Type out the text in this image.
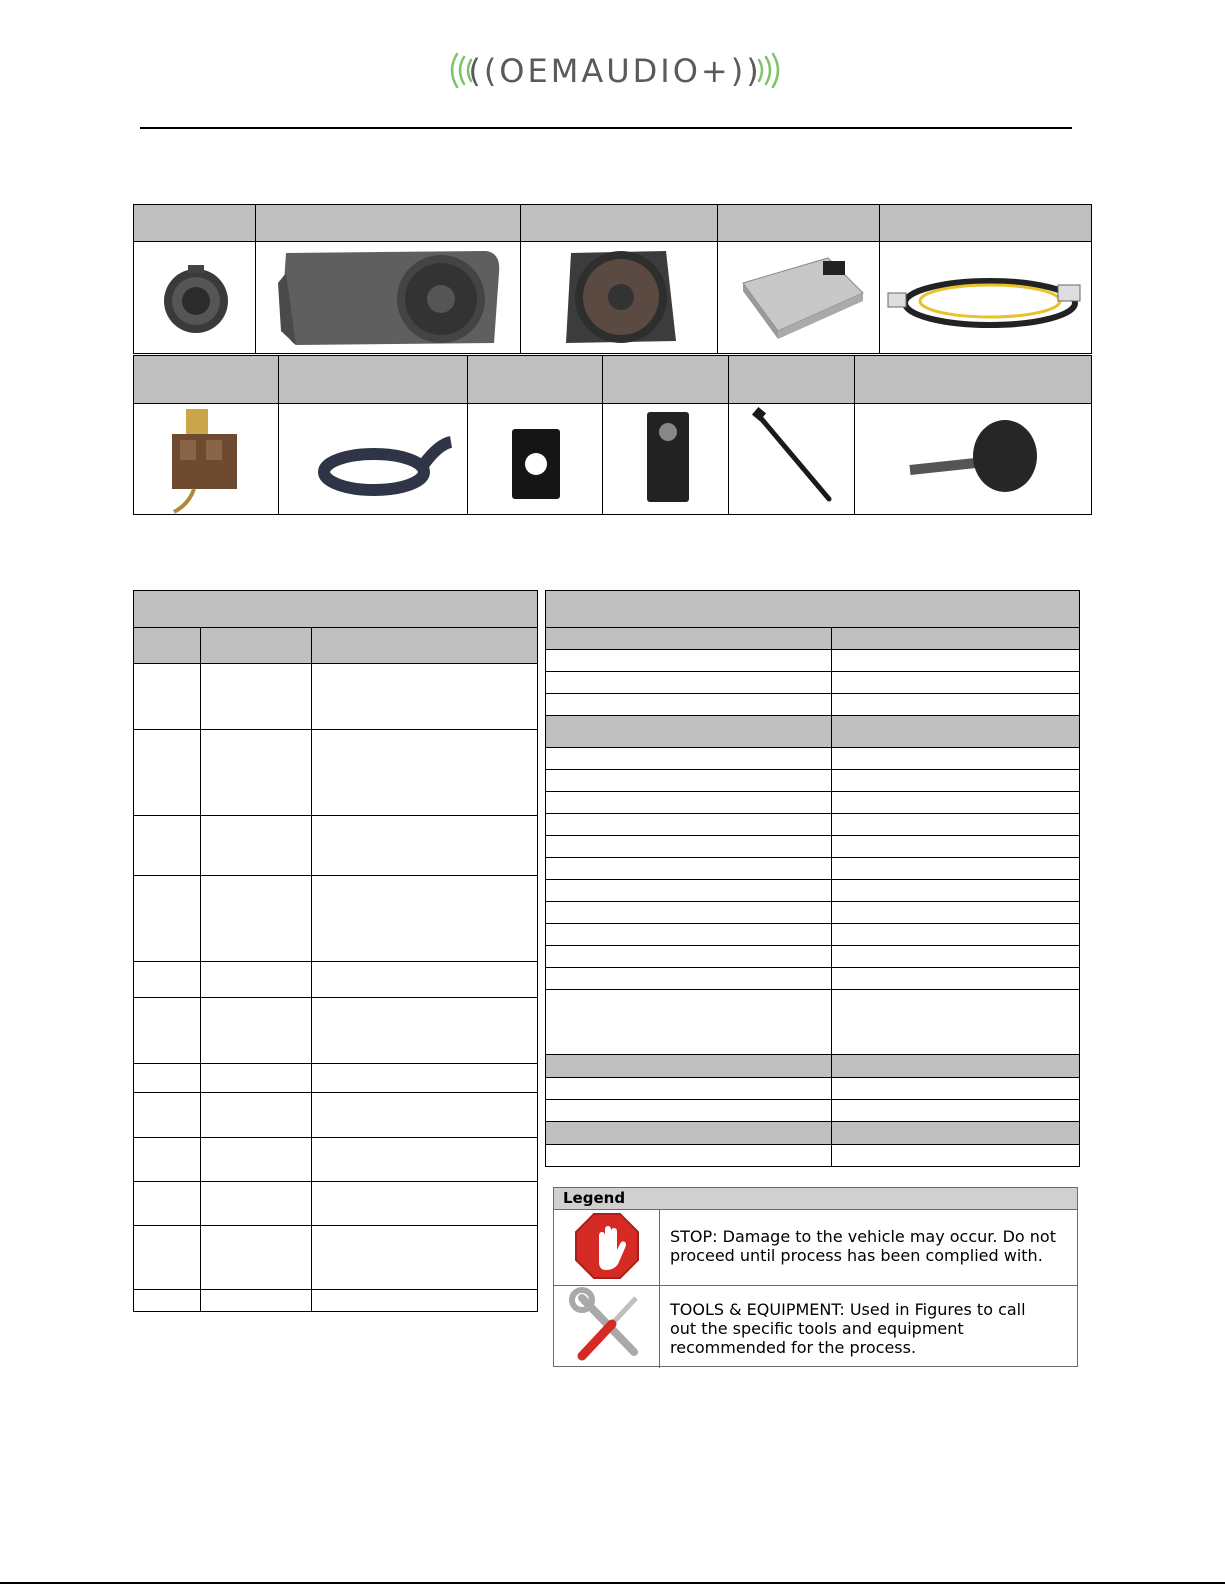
((OEMAUDIO+))

Legend
STOP: Damage to the vehicle may occur. Do not
proceed until process has been complied with.
TOOLS & EQUIPMENT: Used in Figures to call
out the specific tools and equipment
recommended for the process.
